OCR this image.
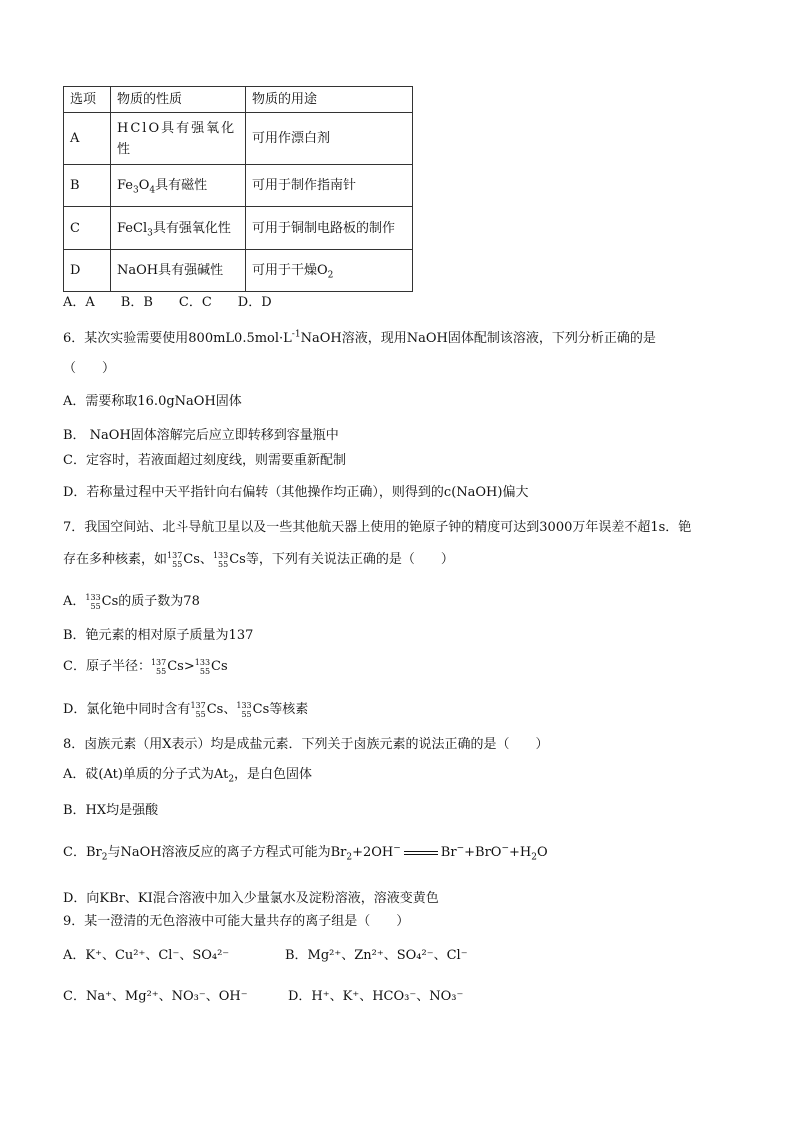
选项	物质的性质	物质的用途
A	HClO具有强氧化性	可用作漂白剂
B	$Fe_3O_4$具有磁性	可用于制作指南针
C	FeCl$_3$具有强氧化性	可用于铜制电路板的制作
D	NaOH具有强碱性	可用于干燥$O_2$
A．A　　B．B　　C．C　　D．D
6．某次实验需要使用$800mL0.5mol\cdot L^{-1}NaOH$溶液，现用NaOH固体配制该溶液，下列分析正确的是
（　　）
A．需要称取16.0gNaOH固体
B． NaOH固体溶解完后应立即转移到容量瓶中
C．定容时，若液面超过刻度线，则需要重新配制
D．若称量过程中天平指针向右偏转（其他操作均正确），则得到的c(NaOH)偏大
7．我国空间站、北斗导航卫星以及一些其他航天器上使用的铯原子钟的精度可达到3000万年误差不超1s．铯
存在多种核素，如 137
55 Cs、 133
55 Cs等，下列有关说法正确的是（　　）
A． 133
55 Cs的质子数为78
B．铯元素的相对原子质量为137
C．原子半径： 137
55 Cs> 133
55 Cs
D．氯化铯中同时含有 137
55 Cs、 133
55 Cs等核素
8．卤族元素（用X表示）均是成盐元素．下列关于卤族元素的说法正确的是（　　）
A．砹(At)单质的分子式为$At_2$，是白色固体
B．HX均是强酸
C．$Br_2$与NaOH溶液反应的离子方程式可能为$Br_2+2OH^-$	$Br^-+BrO^-+H_2O$
D．向KBr、KI混合溶液中加入少量氯水及淀粉溶液，溶液变黄色
9．某一澄清的无色溶液中可能大量共存的离子组是（　　）
A．K⁺、Cu²⁺、Cl⁻、SO₄²⁻	B．Mg²⁺、Zn²⁺、SO₄²⁻、Cl⁻
C．Na⁺、Mg²⁺、NO₃⁻、OH⁻	D．H⁺、K⁺、HCO₃⁻、NO₃⁻
